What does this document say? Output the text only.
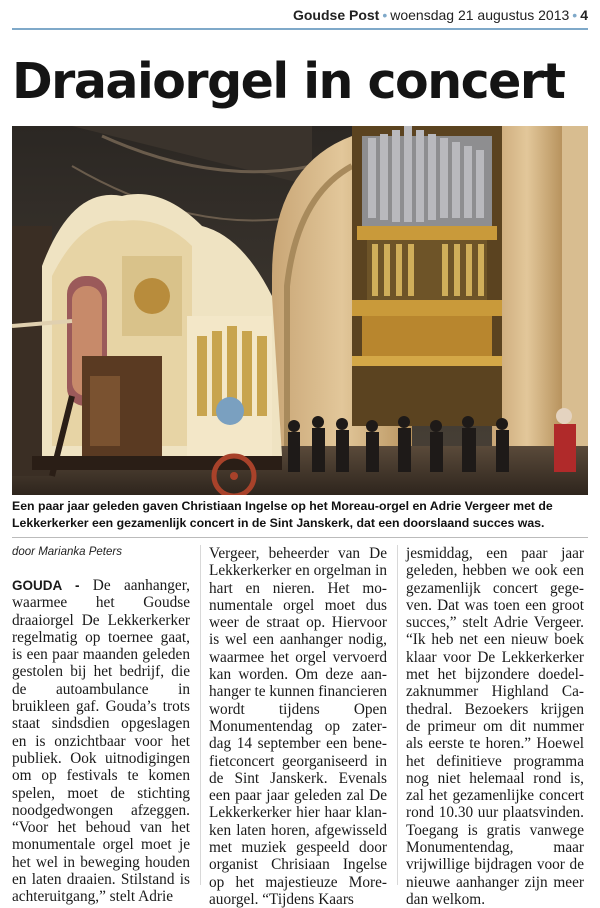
Goudse Post • woensdag 21 augustus 2013 • 4
Draaiorgel in concert

Een paar jaar geleden gaven Christiaan Ingelse op het Moreau-orgel en Adrie Vergeer met de Lekkerkerker een gezamenlijk concert in de Sint Janskerk, dat een doorslaand succes was.

door Marianka Peters

GOUDA - De aanhanger, waarmee het Goudse draaiorgel De Lekkerkerker regelmatig op toernee gaat, is een paar maanden geleden gestolen bij het bedrijf, die de autoambulance in bruikleen gaf. Gouda’s trots staat sindsdien opgeslagen en is onzichtbaar voor het publiek. Ook uitnodigingen om op festivals te komen spelen, moet de stichting noodgedwongen afzeggen. “Voor het behoud van het monumentale orgel moet je het wel in beweging houden en laten draaien. Stilstand is achteruitgang,” stelt Adrie

Vergeer, beheerder van De Lekkerkerker en orgelman in hart en nieren. Het monumentale orgel moet dus weer de straat op. Hiervoor is wel een aanhanger nodig, waarmee het orgel vervoerd kan worden. Om deze aanhanger te kunnen financieren wordt tijdens Open Monumentendag op zaterdag 14 september een benefietconcert georganiseerd in de Sint Janskerk. Evenals een paar jaar geleden zal De Lekkerkerker hier haar klanken laten horen, afgewisseld met muziek gespeeld door organist Chrisiaan Ingelse op het majestieuze Moreauorgel. “Tijdens Kaars

jesmiddag, een paar jaar geleden, hebben we ook een gezamenlijk concert gegeven. Dat was toen een groot succes,” stelt Adrie Vergeer. “Ik heb net een nieuw boek klaar voor De Lekkerkerker met het bijzondere doedelzaknummer Highland Cathedral. Bezoekers krijgen de primeur om dit nummer als eerste te horen.” Hoewel het definitieve programma nog niet helemaal rond is, zal het gezamenlijke concert rond 10.30 uur plaatsvinden. Toegang is gratis vanwege Monumentendag, maar vrijwillige bijdragen voor de nieuwe aanhanger zijn meer dan welkom.
